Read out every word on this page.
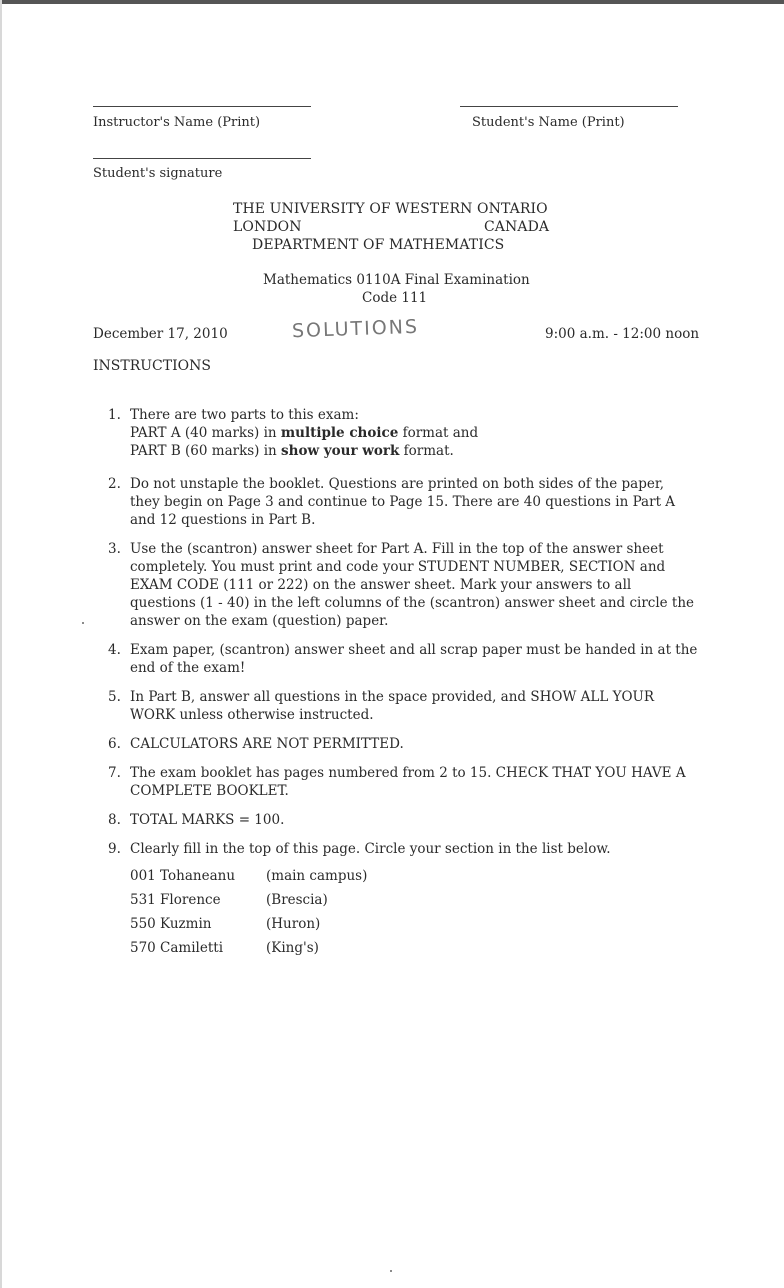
Instructor's Name (Print)	Student's Name (Print)
Student's signature
THE UNIVERSITY OF WESTERN ONTARIO
LONDON	CANADA
DEPARTMENT OF MATHEMATICS
Mathematics 0110A Final Examination
Code 111
December 17, 2010	SOLUTIONS	9:00 a.m. - 12:00 noon
INSTRUCTIONS
1. There are two parts to this exam:

PART A (40 marks) in multiple choice format and

PART B (60 marks) in show your work format.

2. Do not unstaple the booklet. Questions are printed on both sides of the paper, they begin on Page 3 and continue to Page 15. There are 40 questions in Part A and 12 questions in Part B.

3. Use the (scantron) answer sheet for Part A. Fill in the top of the answer sheet completely. You must print and code your STUDENT NUMBER, SECTION and EXAM CODE (111 or 222) on the answer sheet. Mark your answers to all questions (1 - 40) in the left columns of the (scantron) answer sheet and circle the answer on the exam (question) paper.

4. Exam paper, (scantron) answer sheet and all scrap paper must be handed in at the end of the exam!

5. In Part B, answer all questions in the space provided, and SHOW ALL YOUR WORK unless otherwise instructed.

6. CALCULATORS ARE NOT PERMITTED.

7. The exam booklet has pages numbered from 2 to 15. CHECK THAT YOU HAVE A COMPLETE BOOKLET.

8. TOTAL MARKS = 100.

9. Clearly fill in the top of this page. Circle your section in the list below.

001 Tohaneanu	(main campus)
531 Florence	(Brescia)
550 Kuzmin	(Huron)
570 Camiletti	(King's)
